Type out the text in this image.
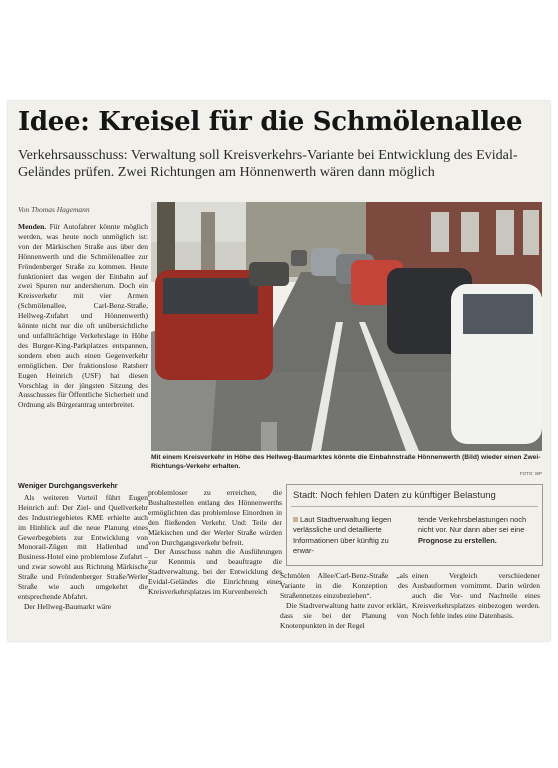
Idee: Kreisel für die Schmölenallee
Verkehrsausschuss: Verwaltung soll Kreisverkehrs-Variante bei Entwicklung des Evidal-Geländes prüfen. Zwei Richtungen am Hönnenwerth wären dann möglich
Von Thomas Hagemann

Menden. Für Autofahrer könnte möglich werden, was heute noch unmöglich ist: von der Märkischen Straße aus über den Hönnenwerth und die Schmölenallee zur Fröndenberger Straße zu kommen. Heute funktioniert das wegen der Einbahn auf zwei Spuren nur andersherum. Doch ein Kreisverkehr mit vier Armen (Schmölenallee, Carl-Benz-Straße, Hellweg-Zufahrt und Hönnenwerth) könnte nicht nur die oft unübersichtliche und unfallträchtige Verkehrslage in Höhe des Burger-King-Parkplatzes entspannen, sondern eben auch einen Gegenverkehr ermöglichen. Der fraktionslose Ratsherr Eugen Heinrich (USF) hat diesen Vorschlag in der jüngsten Sitzung des Ausschusses für Öffentliche Sicherheit und Ordnung als Bürgerantrag unterbreitet.

Weniger Durchgangsverkehr

Als weiteren Vorteil führt Eugen Heinrich auf: Der Ziel- und Quellverkehr des Industriegebietes KME erhielte auch im Hinblick auf die neue Planung eines Gewerbegebiets zur Entwicklung von Monorail-Zügen mit Hallenbad und Business-Hotel eine problemlose Zufahrt – und zwar sowohl aus Richtung Märkische Straße und Fröndenberger Straße/Werler Straße wie auch umgekehrt die entsprechende Abfahrt.

Der Hellweg-Baumarkt wäre

Mit einem Kreisverkehr in Höhe des Hellweg-Baumarktes könnte die Einbahnstraße Hönnenwerth (Bild) wieder einen Zwei-Richtungs-Verkehr erhalten.
FOTO: WP

problemloser zu erreichen, die Bushaltestellen entlang des Hönnenwerths ermöglichten das problemlose Einordnen in den fließenden Verkehr. Und: Teile der Märkischen und der Werler Straße würden von Durchgangsverkehr befreit.

Der Ausschuss nahm die Ausführungen zur Kenntnis und beauftragte die Stadtverwaltung, bei der Entwicklung des Evidal-Geländes die Einrichtung eines Kreisverkehrsplatzes im Kurvenbereich

Stadt: Noch fehlen Daten zu künftiger Belastung
Laut Stadtverwaltung liegen verlässliche und detaillierte Informationen über künftig zu erwar-
tende Verkehrsbelastungen noch nicht vor. Nur dann aber sei eine Prognose zu erstellen.

Schmölen Allee/Carl-Benz-Straße „als Variante in die Konzeption des Straßennetzes einzubeziehen“.

Die Stadtverwaltung hatte zuvor erklärt, dass sie bei der Planung von Knotenpunkten in der Regel

einen Vergleich verschiedener Ausbauformen vornimmt. Darin würden auch die Vor- und Nachteile eines Kreisverkehrsplatzes einbezogen werden. Noch fehle indes eine Datenbasis.
